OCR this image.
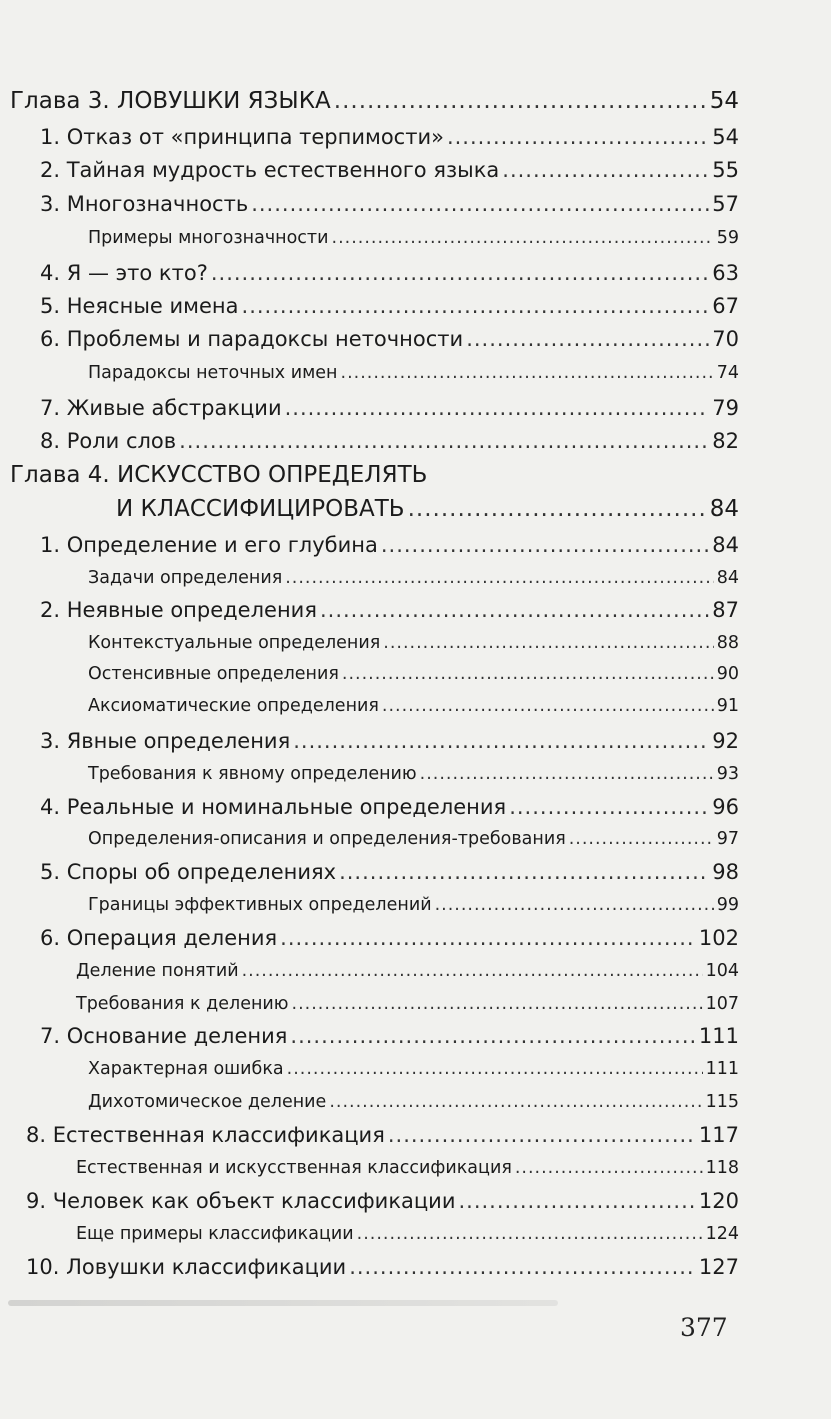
Глава 3. ЛОВУШКИ ЯЗЫКА .....	54
1. Отказ от «принципа терпимости» .....	54
2. Тайная мудрость естественного языка .....	55
3. Многозначность .....	57
Примеры многозначности .....	59
4. Я — это кто? .....	63
5. Неясные имена .....	67
6. Проблемы и парадоксы неточности .....	70
Парадоксы неточных имен .....	74
7. Живые абстракции .....	79
8. Роли слов .....	82
Глава 4. ИСКУССТВО ОПРЕДЕЛЯТЬ
И КЛАССИФИЦИРОВАТЬ .....	84
1. Определение и его глубина .....	84
Задачи определения .....	84
2. Неявные определения .....	87
Контекстуальные определения .....	88
Остенсивные определения .....	90
Аксиоматические определения .....	91
3. Явные определения .....	92
Требования к явному определению .....	93
4. Реальные и номинальные определения .....	96
Определения-описания и определения-требования .....	97
5. Споры об определениях .....	98
Границы эффективных определений .....	99
6. Операция деления .....	102
Деление понятий .....	104
Требования к делению .....	107
7. Основание деления .....	111
Характерная ошибка .....	111
Дихотомическое деление .....	115
8. Естественная классификация .....	117
Естественная и искусственная классификация .....	118
9. Человек как объект классификации .....	120
Еще примеры классификации .....	124
10. Ловушки классификации .....	127
377
